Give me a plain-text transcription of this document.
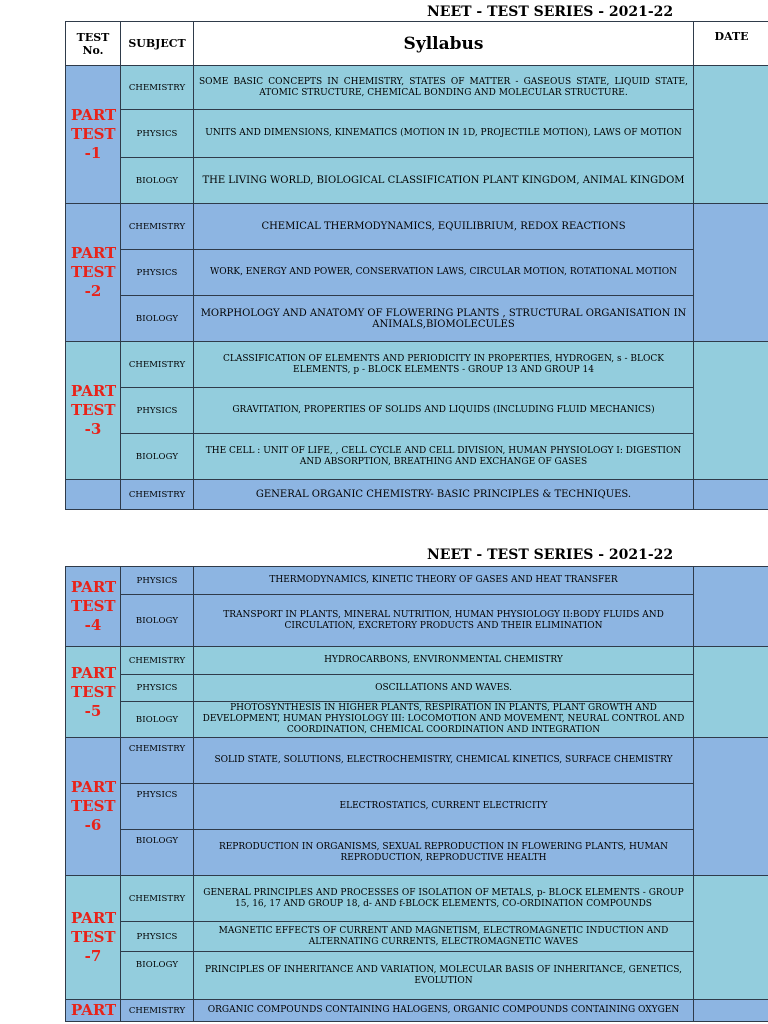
NEET - TEST SERIES - 2021-22
TEST No.	SUBJECT	Syllabus	DATE
PART TEST -1	CHEMISTRY	SOME BASIC CONCEPTS IN CHEMISTRY, STATES OF MATTER - GASEOUS STATE, LIQUID STATE, ATOMIC STRUCTURE, CHEMICAL BONDING AND MOLECULAR STRUCTURE.	
	PHYSICS	UNITS AND DIMENSIONS, KINEMATICS (MOTION IN 1D, PROJECTILE MOTION), LAWS OF MOTION	
	BIOLOGY	THE LIVING WORLD, BIOLOGICAL CLASSIFICATION PLANT KINGDOM, ANIMAL KINGDOM	
PART TEST -2	CHEMISTRY	CHEMICAL THERMODYNAMICS, EQUILIBRIUM, REDOX REACTIONS	
	PHYSICS	WORK, ENERGY AND POWER, CONSERVATION LAWS, CIRCULAR MOTION, ROTATIONAL MOTION	
	BIOLOGY	MORPHOLOGY AND ANATOMY OF FLOWERING PLANTS , STRUCTURAL ORGANISATION IN ANIMALS,BIOMOLECULES	
PART TEST -3	CHEMISTRY	CLASSIFICATION OF ELEMENTS AND PERIODICITY IN PROPERTIES, HYDROGEN, s - BLOCK ELEMENTS, p - BLOCK ELEMENTS - GROUP 13 AND GROUP 14	
	PHYSICS	GRAVITATION, PROPERTIES OF SOLIDS AND LIQUIDS (INCLUDING FLUID MECHANICS)	
	BIOLOGY	THE CELL : UNIT OF LIFE, , CELL CYCLE AND CELL DIVISION, HUMAN PHYSIOLOGY I: DIGESTION AND ABSORPTION, BREATHING AND EXCHANGE OF GASES	
	CHEMISTRY	GENERAL ORGANIC CHEMISTRY- BASIC PRINCIPLES & TECHNIQUES.	
NEET - TEST SERIES - 2021-22
PART TEST -4	PHYSICS	THERMODYNAMICS, KINETIC THEORY OF GASES AND HEAT TRANSFER	
	BIOLOGY	TRANSPORT IN PLANTS, MINERAL NUTRITION, HUMAN PHYSIOLOGY II:BODY FLUIDS AND CIRCULATION, EXCRETORY PRODUCTS AND THEIR ELIMINATION	
PART TEST -5	CHEMISTRY	HYDROCARBONS, ENVIRONMENTAL CHEMISTRY	
	PHYSICS	OSCILLATIONS AND WAVES.	
	BIOLOGY	PHOTOSYNTHESIS IN HIGHER PLANTS, RESPIRATION IN PLANTS, PLANT GROWTH AND DEVELOPMENT, HUMAN PHYSIOLOGY III: LOCOMOTION AND MOVEMENT, NEURAL CONTROL AND COORDINATION, CHEMICAL COORDINATION AND INTEGRATION	
PART TEST -6	CHEMISTRY	SOLID STATE, SOLUTIONS, ELECTROCHEMISTRY, CHEMICAL KINETICS, SURFACE CHEMISTRY	
	PHYSICS	ELECTROSTATICS, CURRENT ELECTRICITY	
	BIOLOGY	REPRODUCTION IN ORGANISMS, SEXUAL REPRODUCTION IN FLOWERING PLANTS, HUMAN REPRODUCTION, REPRODUCTIVE HEALTH	
PART TEST -7	CHEMISTRY	GENERAL PRINCIPLES AND PROCESSES OF ISOLATION OF METALS, p- BLOCK ELEMENTS - GROUP 15, 16, 17 AND GROUP 18, d- AND f-BLOCK ELEMENTS, CO-ORDINATION COMPOUNDS	
	PHYSICS	MAGNETIC EFFECTS OF CURRENT AND MAGNETISM, ELECTROMAGNETIC INDUCTION AND ALTERNATING CURRENTS, ELECTROMAGNETIC WAVES	
	BIOLOGY	PRINCIPLES OF INHERITANCE AND VARIATION, MOLECULAR BASIS OF INHERITANCE, GENETICS, EVOLUTION	
PART	CHEMISTRY	ORGANIC COMPOUNDS CONTAINING HALOGENS, ORGANIC COMPOUNDS CONTAINING OXYGEN	
